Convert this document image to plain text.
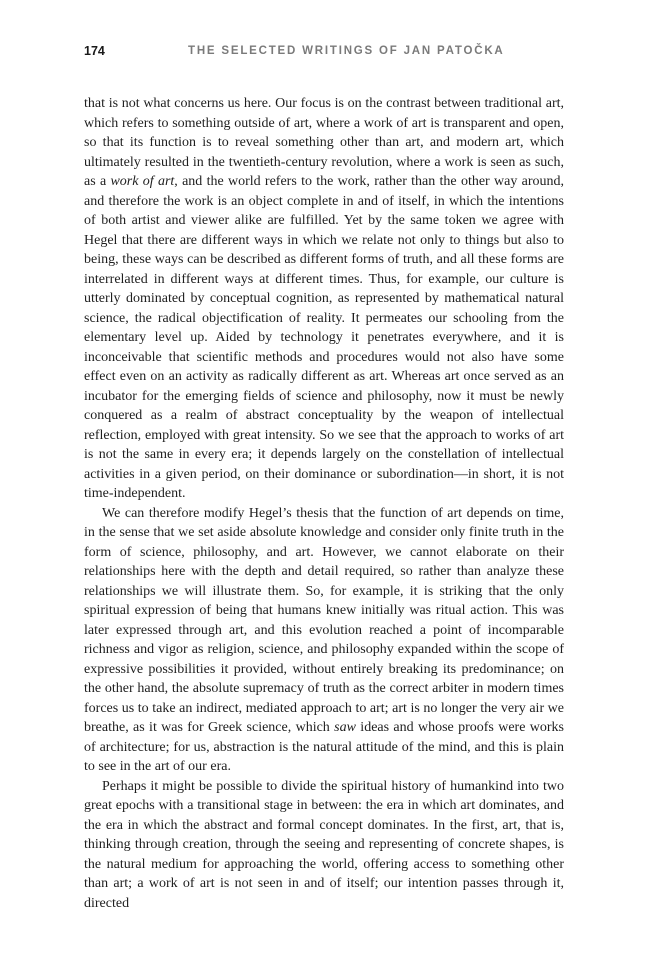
174	THE SELECTED WRITINGS OF JAN PATOČKA

that is not what concerns us here. Our focus is on the contrast between traditional art, which refers to something outside of art, where a work of art is transparent and open, so that its function is to reveal something other than art, and modern art, which ultimately resulted in the twentieth-century revolution, where a work is seen as such, as a work of art, and the world refers to the work, rather than the other way around, and therefore the work is an object complete in and of itself, in which the intentions of both artist and viewer alike are fulfilled. Yet by the same token we agree with Hegel that there are different ways in which we relate not only to things but also to being, these ways can be described as different forms of truth, and all these forms are interrelated in different ways at different times. Thus, for example, our culture is utterly dominated by conceptual cognition, as represented by mathematical natural science, the radical objectification of reality. It permeates our schooling from the elementary level up. Aided by technology it penetrates everywhere, and it is inconceivable that scientific methods and procedures would not also have some effect even on an activity as radically different as art. Whereas art once served as an incubator for the emerging fields of science and philosophy, now it must be newly conquered as a realm of abstract conceptuality by the weapon of intellectual reflection, employed with great intensity. So we see that the approach to works of art is not the same in every era; it depends largely on the constellation of intellectual activities in a given period, on their dominance or subordination—in short, it is not time-independent.

We can therefore modify Hegel’s thesis that the function of art depends on time, in the sense that we set aside absolute knowledge and consider only finite truth in the form of science, philosophy, and art. However, we cannot elaborate on their relationships here with the depth and detail required, so rather than analyze these relationships we will illustrate them. So, for example, it is striking that the only spiritual expression of being that humans knew initially was ritual action. This was later expressed through art, and this evolution reached a point of incomparable richness and vigor as religion, science, and philosophy expanded within the scope of expressive possibilities it provided, without entirely breaking its predominance; on the other hand, the absolute supremacy of truth as the correct arbiter in modern times forces us to take an indirect, mediated approach to art; art is no longer the very air we breathe, as it was for Greek science, which saw ideas and whose proofs were works of architecture; for us, abstraction is the natural attitude of the mind, and this is plain to see in the art of our era.

Perhaps it might be possible to divide the spiritual history of humankind into two great epochs with a transitional stage in between: the era in which art dominates, and the era in which the abstract and formal concept dominates. In the first, art, that is, thinking through creation, through the seeing and representing of concrete shapes, is the natural medium for approaching the world, offering access to something other than art; a work of art is not seen in and of itself; our intention passes through it, directed
